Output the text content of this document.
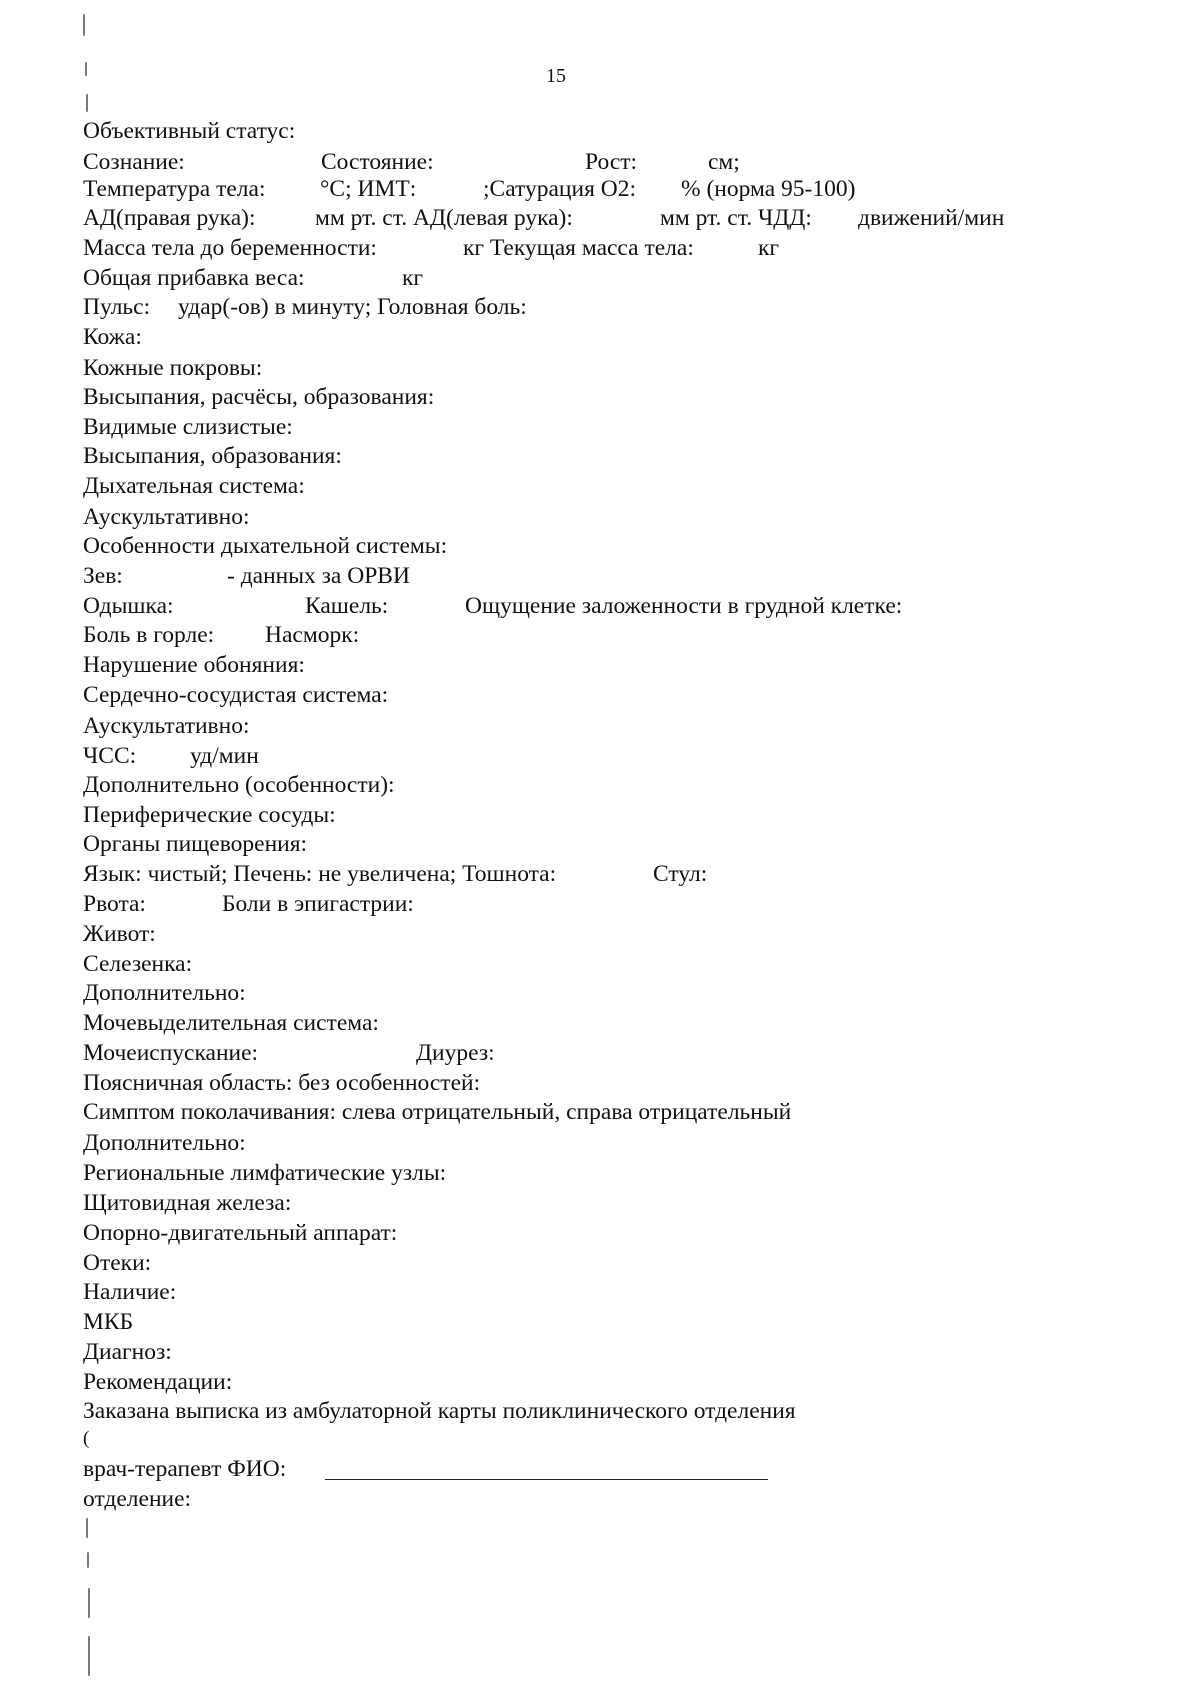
15
Объективный статус:
Сознание:	Состояние:	Рост:	см;
Температура тела: °C; ИМТ:	;Сатурация O2: % (норма 95-100)
АД(правая рука):	мм рт. ст. АД(левая рука):	мм рт. ст. ЧДД: движений/мин
Масса тела до беременности:	кг Текущая масса тела:	кг
Общая прибавка веса:	кг
Пульс: удар(-ов) в минуту; Головная боль:
Кожа:
Кожные покровы:
Высыпания, расчёсы, образования:
Видимые слизистые:
Высыпания, образования:
Дыхательная система:
Аускультативно:
Особенности дыхательной системы:
Зев:	- данных за ОРВИ
Одышка:	Кашель:	Ощущение заложенности в грудной клетке:
Боль в горле: Насморк:
Нарушение обоняния:
Сердечно-сосудистая система:
Аускультативно:
ЧСС: уд/мин
Дополнительно (особенности):
Периферические сосуды:
Органы пищеворения:
Язык: чистый; Печень: не увеличена; Тошнота:	Стул:
Рвота:	Боли в эпигастрии:
Живот:
Селезенка:
Дополнительно:
Мочевыделительная система:
Мочеиспускание:	Диурез:
Поясничная область: без особенностей:
Симптом поколачивания: слева отрицательный, справа отрицательный
Дополнительно:
Региональные лимфатические узлы:
Щитовидная железа:
Опорно-двигательный аппарат:
Отеки:
Наличие:
МКБ
Диагноз:
Рекомендации:
Заказана выписка из амбулаторной карты поликлинического отделения
(
врач-терапевт ФИО:
отделение:
